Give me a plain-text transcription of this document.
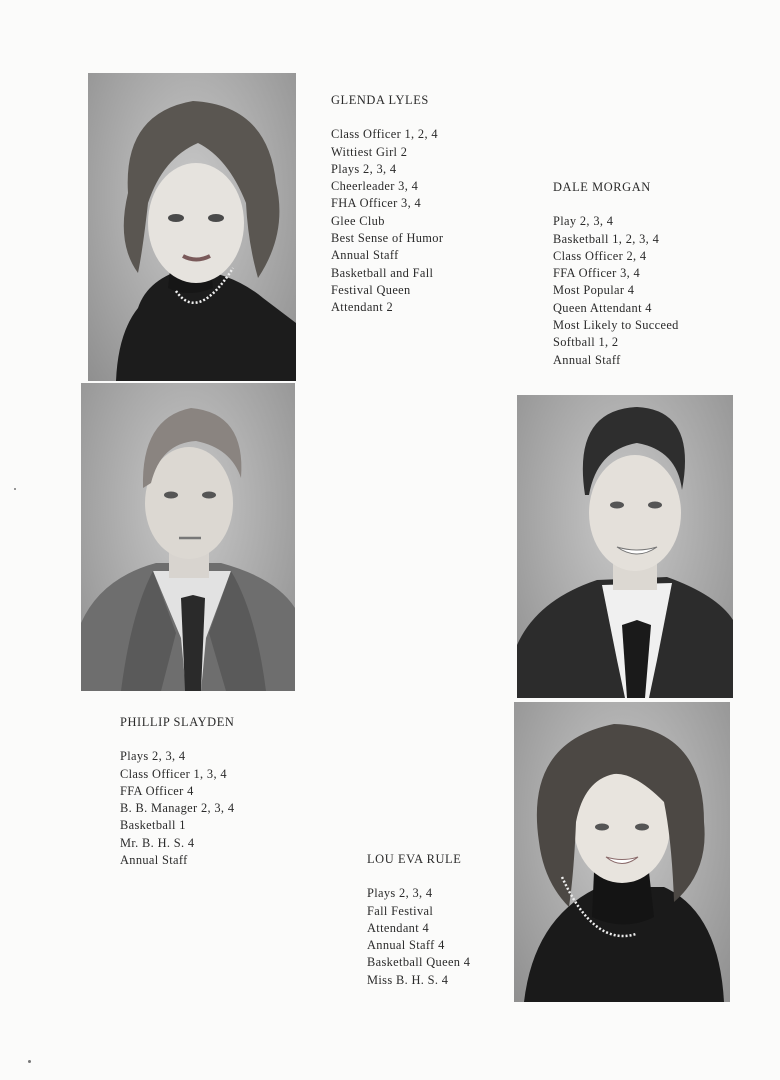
GLENDA LYLES
Class Officer 1, 2, 4
Wittiest Girl 2
Plays 2, 3, 4
Cheerleader 3, 4
FHA Officer 3, 4
Glee Club
Best Sense of Humor
Annual Staff
Basketball and Fall
Festival Queen
Attendant 2
DALE MORGAN
Play 2, 3, 4
Basketball 1, 2, 3, 4
Class Officer 2, 4
FFA Officer 3, 4
Most Popular 4
Queen Attendant 4
Most Likely to Succeed
Softball 1, 2
Annual Staff
PHILLIP SLAYDEN
Plays 2, 3, 4
Class Officer 1, 3, 4
FFA Officer 4
B. B. Manager 2, 3, 4
Basketball 1
Mr. B. H. S. 4
Annual Staff	LOU EVA RULE
Plays 2, 3, 4
Fall Festival
Attendant 4
Annual Staff 4
Basketball Queen 4
Miss B. H. S. 4
